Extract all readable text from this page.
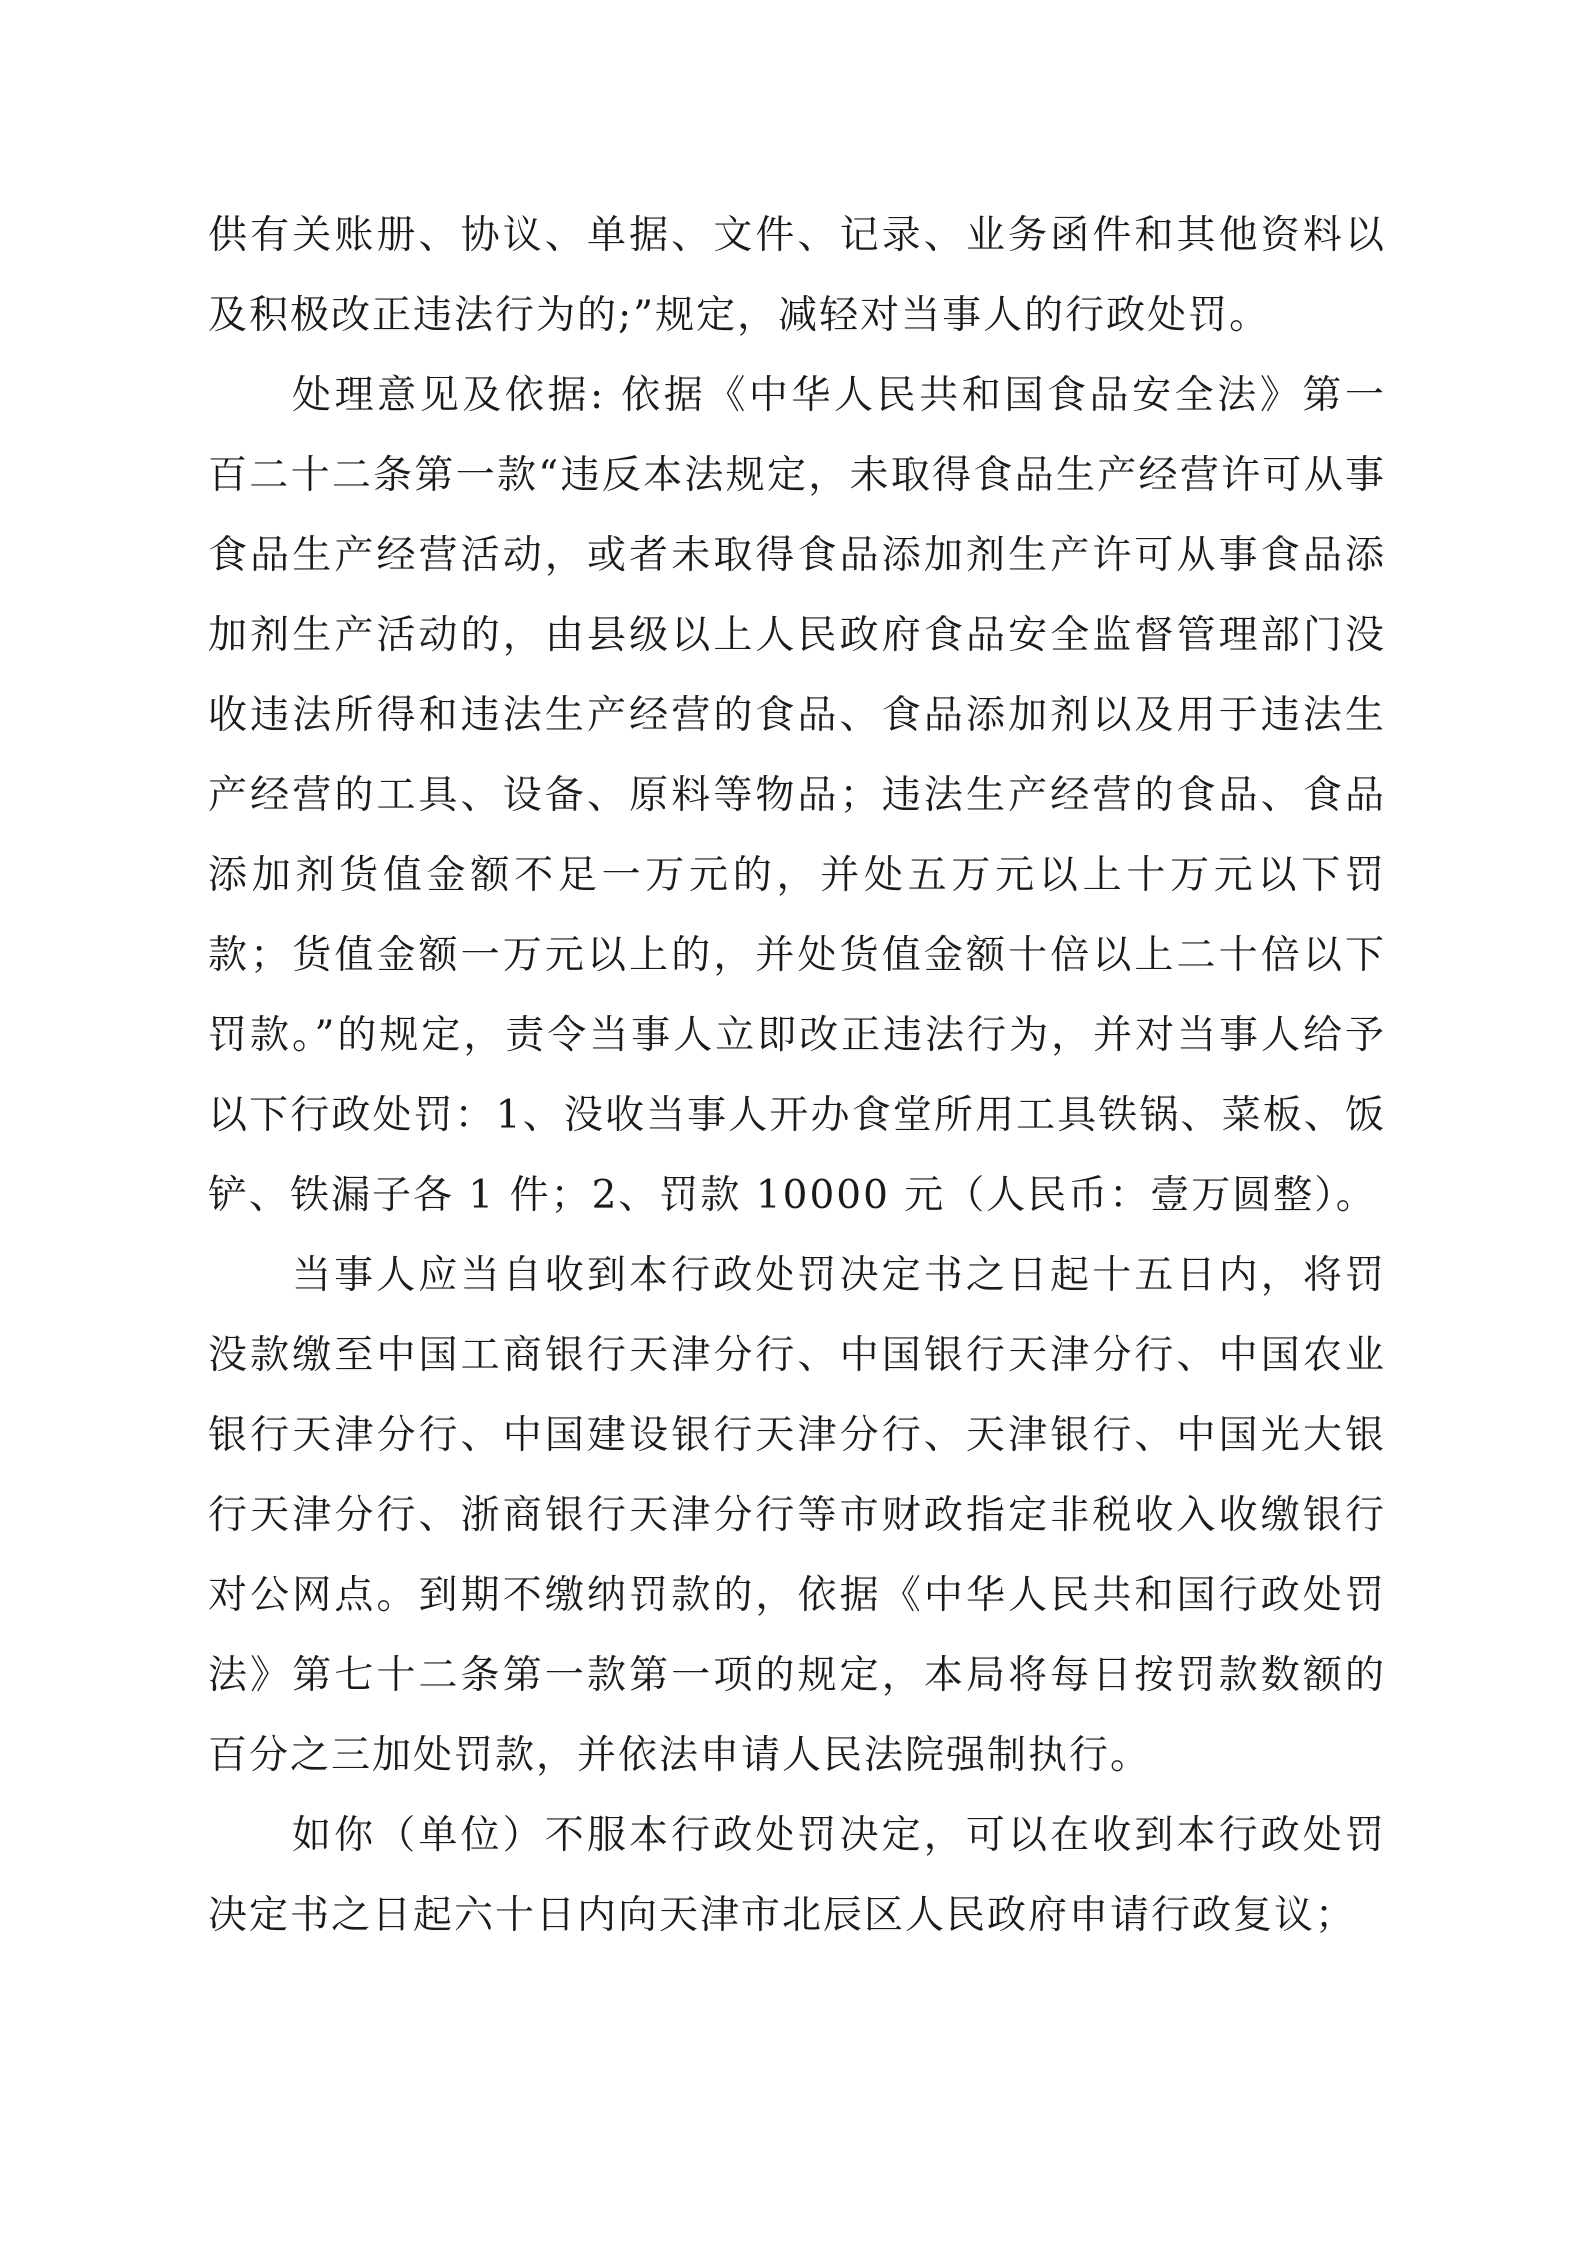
供有关账册、协议、单据、文件、记录、业务函件和其他资料以及积极改正违法行为的;”规定，减轻对当事人的行政处罚。

处理意见及依据: 依据《中华人民共和国食品安全法》第一百二十二条第一款“违反本法规定，未取得食品生产经营许可从事食品生产经营活动，或者未取得食品添加剂生产许可从事食品添加剂生产活动的，由县级以上人民政府食品安全监督管理部门没收违法所得和违法生产经营的食品、食品添加剂以及用于违法生产经营的工具、设备、原料等物品；违法生产经营的食品、食品添加剂货值金额不足一万元的，并处五万元以上十万元以下罚款；货值金额一万元以上的，并处货值金额十倍以上二十倍以下罚款。”的规定，责令当事人立即改正违法行为，并对当事人给予以下行政处罚：1、没收当事人开办食堂所用工具铁锅、菜板、饭铲、铁漏子各 1 件；2、罚款 10000 元（人民币：壹万圆整）。

当事人应当自收到本行政处罚决定书之日起十五日内，将罚没款缴至中国工商银行天津分行、中国银行天津分行、中国农业银行天津分行、中国建设银行天津分行、天津银行、中国光大银行天津分行、浙商银行天津分行等市财政指定非税收入收缴银行对公网点。到期不缴纳罚款的，依据《中华人民共和国行政处罚法》第七十二条第一款第一项的规定，本局将每日按罚款数额的百分之三加处罚款，并依法申请人民法院强制执行。

如你（单位）不服本行政处罚决定，可以在收到本行政处罚决定书之日起六十日内向天津市北辰区人民政府申请行政复议；
